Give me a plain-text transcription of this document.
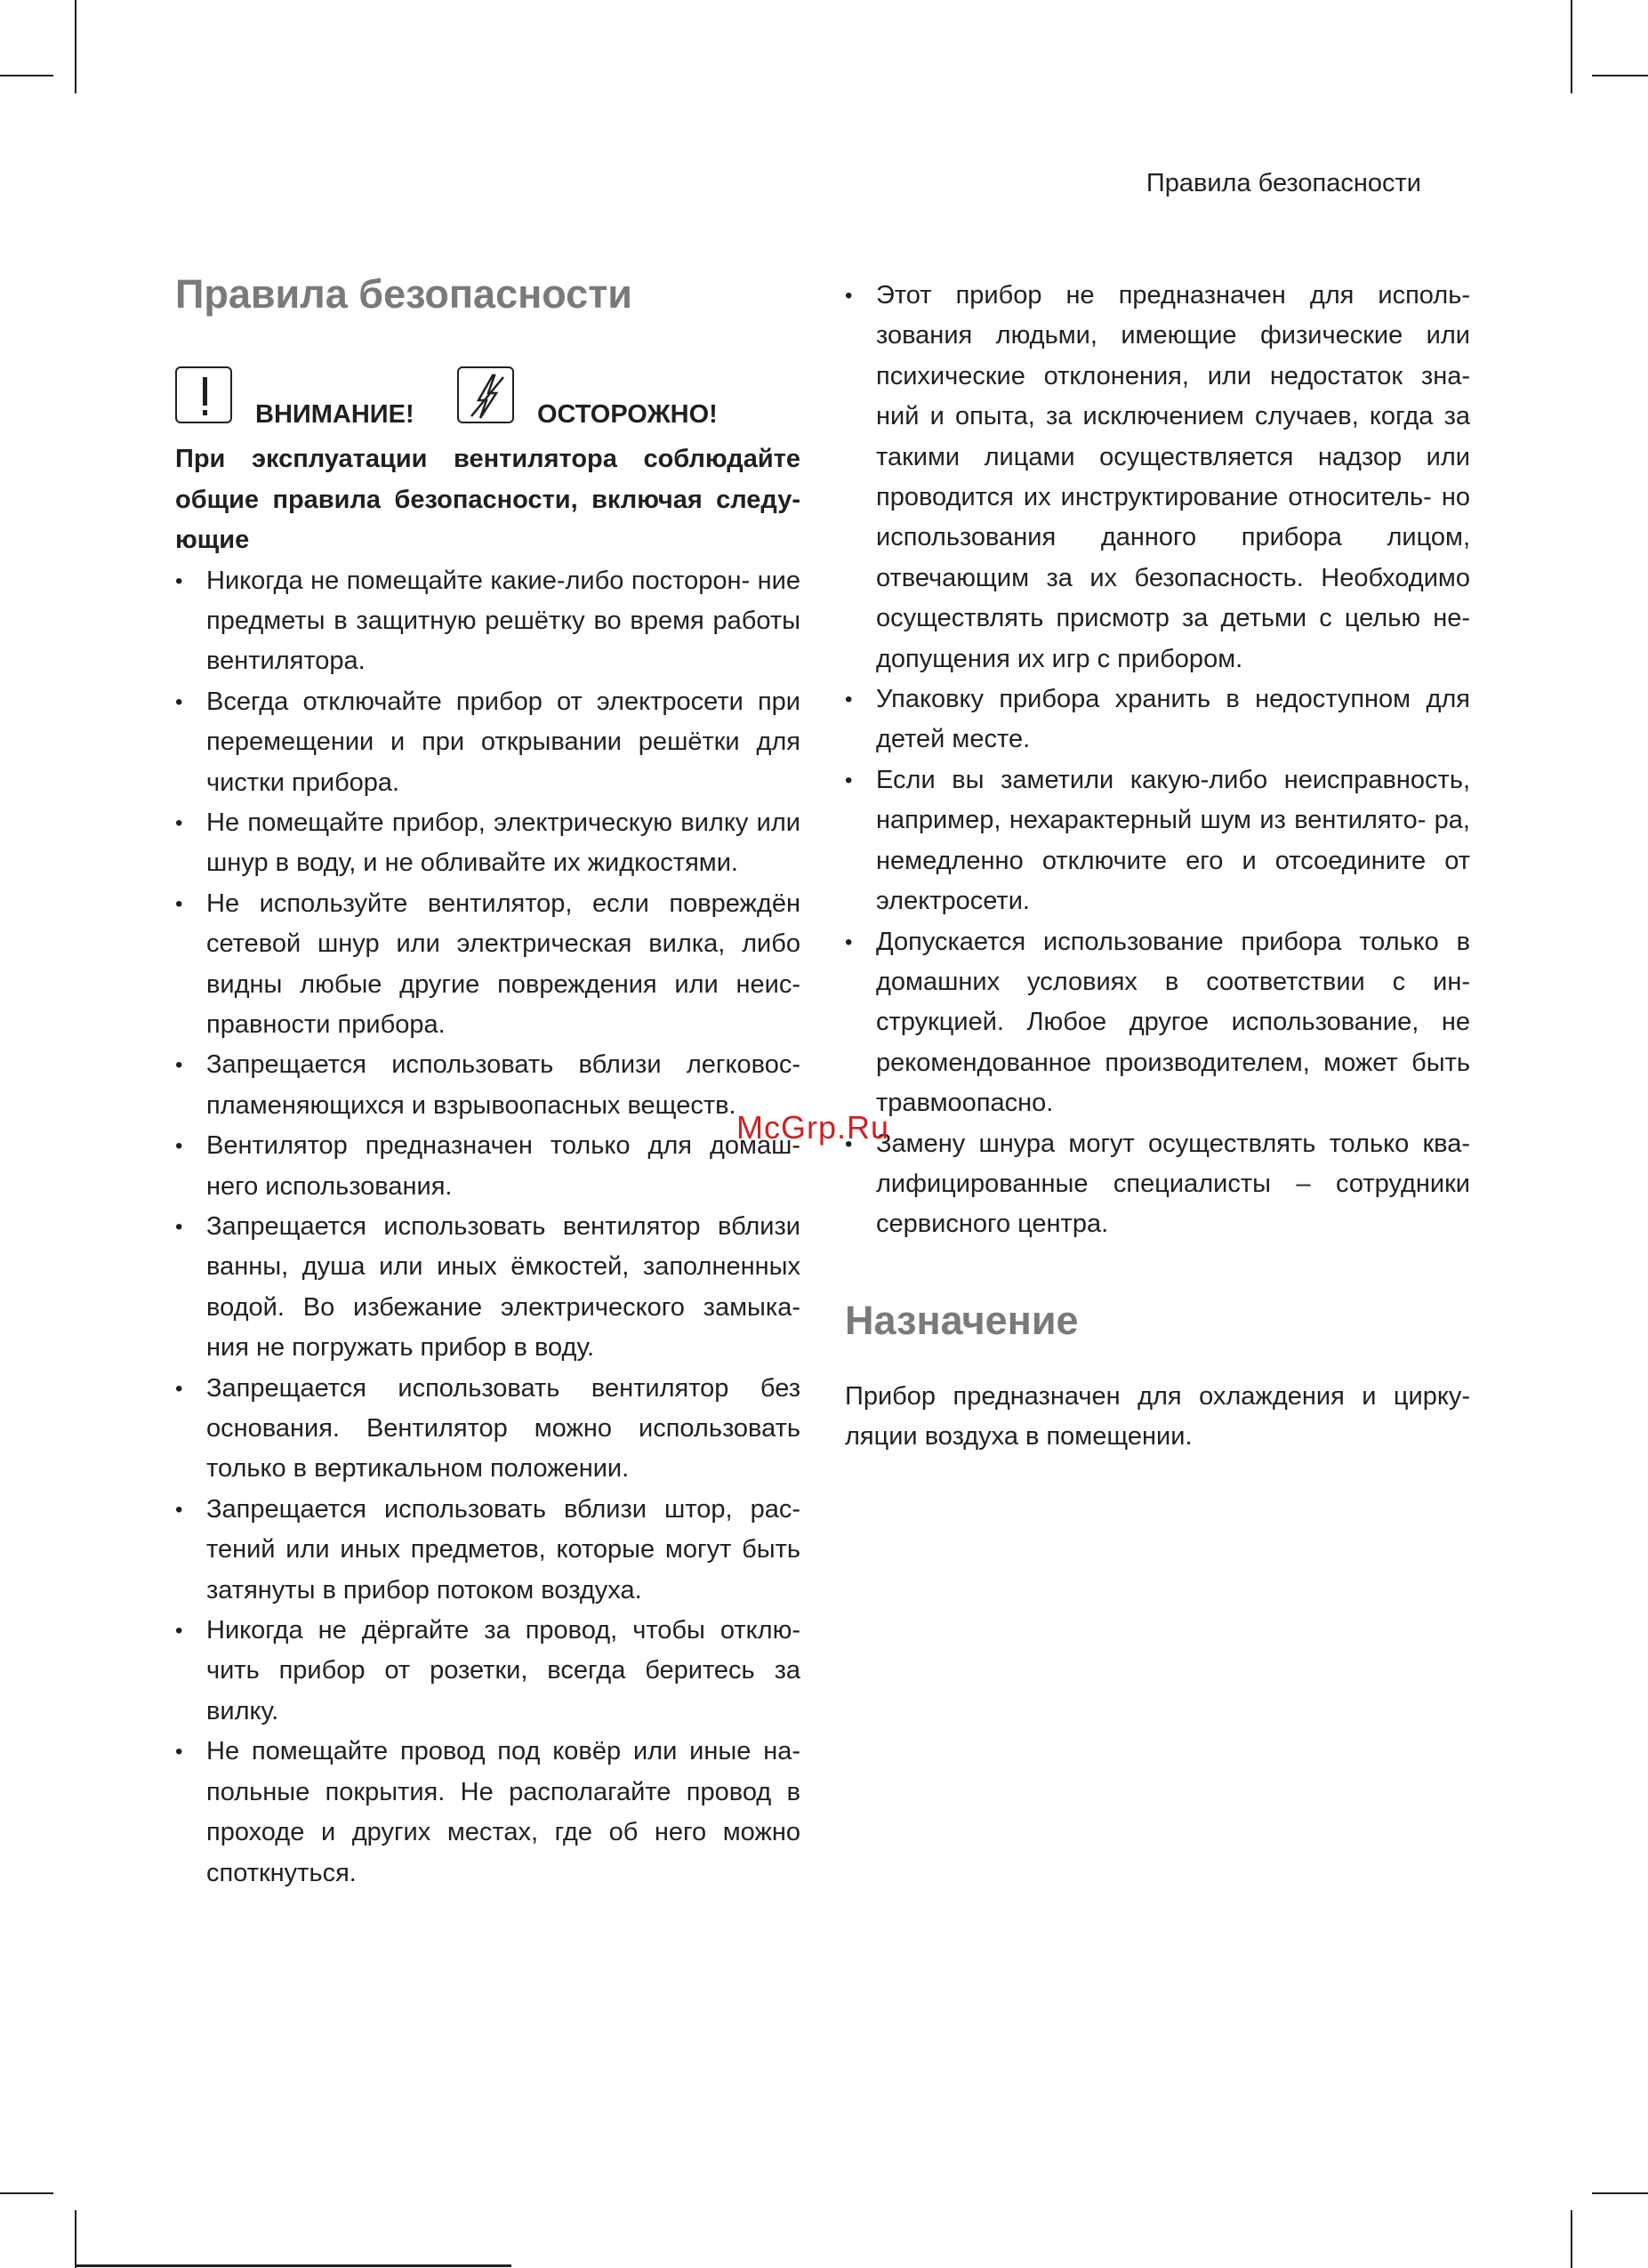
Правила безопасности
Правила безопасности
ВНИМАНИЕ!	ОСТОРОЖНО!

При эксплуатации вентилятора соблюдайте общие правила безопасности, включая следу- ющие

• Никогда не помещайте какие-либо посторон- ние предметы в защитную решётку во время работы вентилятора.
• Всегда отключайте прибор от электросети при перемещении и при открывании решётки для чистки прибора.
• Не помещайте прибор, электрическую вилку или шнур в воду, и не обливайте их жидкостями.
• Не используйте вентилятор, если повреждён сетевой шнур или электрическая вилка, либо видны любые другие повреждения или неис- правности прибора.
• Запрещается использовать вблизи легковос- пламеняющихся и взрывоопасных веществ.
• Вентилятор предназначен только для домаш- него использования.
• Запрещается использовать вентилятор вблизи ванны, душа или иных ёмкостей, заполненных водой. Во избежание электрического замыка- ния не погружать прибор в воду.
• Запрещается использовать вентилятор без основания. Вентилятор можно использовать только в вертикальном положении.
• Запрещается использовать вблизи штор, рас- тений или иных предметов, которые могут быть затянуты в прибор потоком воздуха.
• Никогда не дёргайте за провод, чтобы отклю- чить прибор от розетки, всегда беритесь за вилку.
• Не помещайте провод под ковёр или иные на- польные покрытия. Не располагайте провод в проходе и других местах, где об него можно споткнуться.
• Этот прибор не предназначен для исполь- зования людьми, имеющие физические или психические отклонения, или недостаток зна- ний и опыта, за исключением случаев, когда за такими лицами осуществляется надзор или проводится их инструктирование относитель- но использования данного прибора лицом, отвечающим за их безопасность. Необходимо осуществлять присмотр за детьми с целью не- допущения их игр с прибором.
• Упаковку прибора хранить в недоступном для детей месте.
• Если вы заметили какую-либо неисправность, например, нехарактерный шум из вентилято- ра, немедленно отключите его и отсоедините от электросети.
• Допускается использование прибора только в домашних условиях в соответствии с ин- струкцией. Любое другое использование, не рекомендованное производителем, может быть травмоопасно.
• Замену шнура могут осуществлять только ква- лифицированные специалисты – сотрудники сервисного центра.
Назначение

Прибор предназначен для охлаждения и цирку- ляции воздуха в помещении.

McGrp.Ru
